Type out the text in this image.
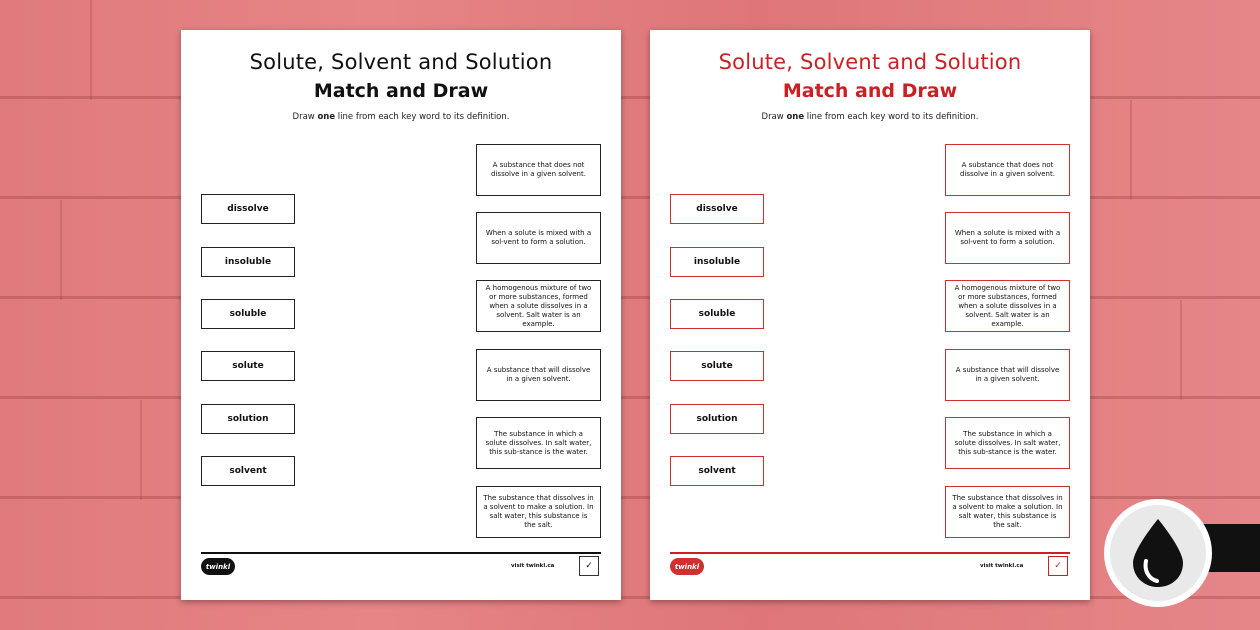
Solute, Solvent and Solution
Match and Draw
Draw one line from each key word to its definition.
dissolve
insoluble
soluble
solute
solution
solvent
A substance that does not dissolve in a given solvent.
When a solute is mixed with a sol-vent to form a solution.
A homogenous mixture of two or more substances, formed when a solute dissolves in a solvent. Salt water is an example.
A substance that will dissolve in a given solvent.
The substance in which a solute dissolves. In salt water, this sub-stance is the water.
The substance that dissolves in a solvent to make a solution. In salt water, this substance is the salt.
twinkl	visit twinkl.ca	✓
Solute, Solvent and Solution
Match and Draw
Draw one line from each key word to its definition.
dissolve
insoluble
soluble
solute
solution
solvent
A substance that does not dissolve in a given solvent.
When a solute is mixed with a sol-vent to form a solution.
A homogenous mixture of two or more substances, formed when a solute dissolves in a solvent. Salt water is an example.
A substance that will dissolve in a given solvent.
The substance in which a solute dissolves. In salt water, this sub-stance is the water.
The substance that dissolves in a solvent to make a solution. In salt water, this substance is the salt.
twinkl	visit twinkl.ca	✓
